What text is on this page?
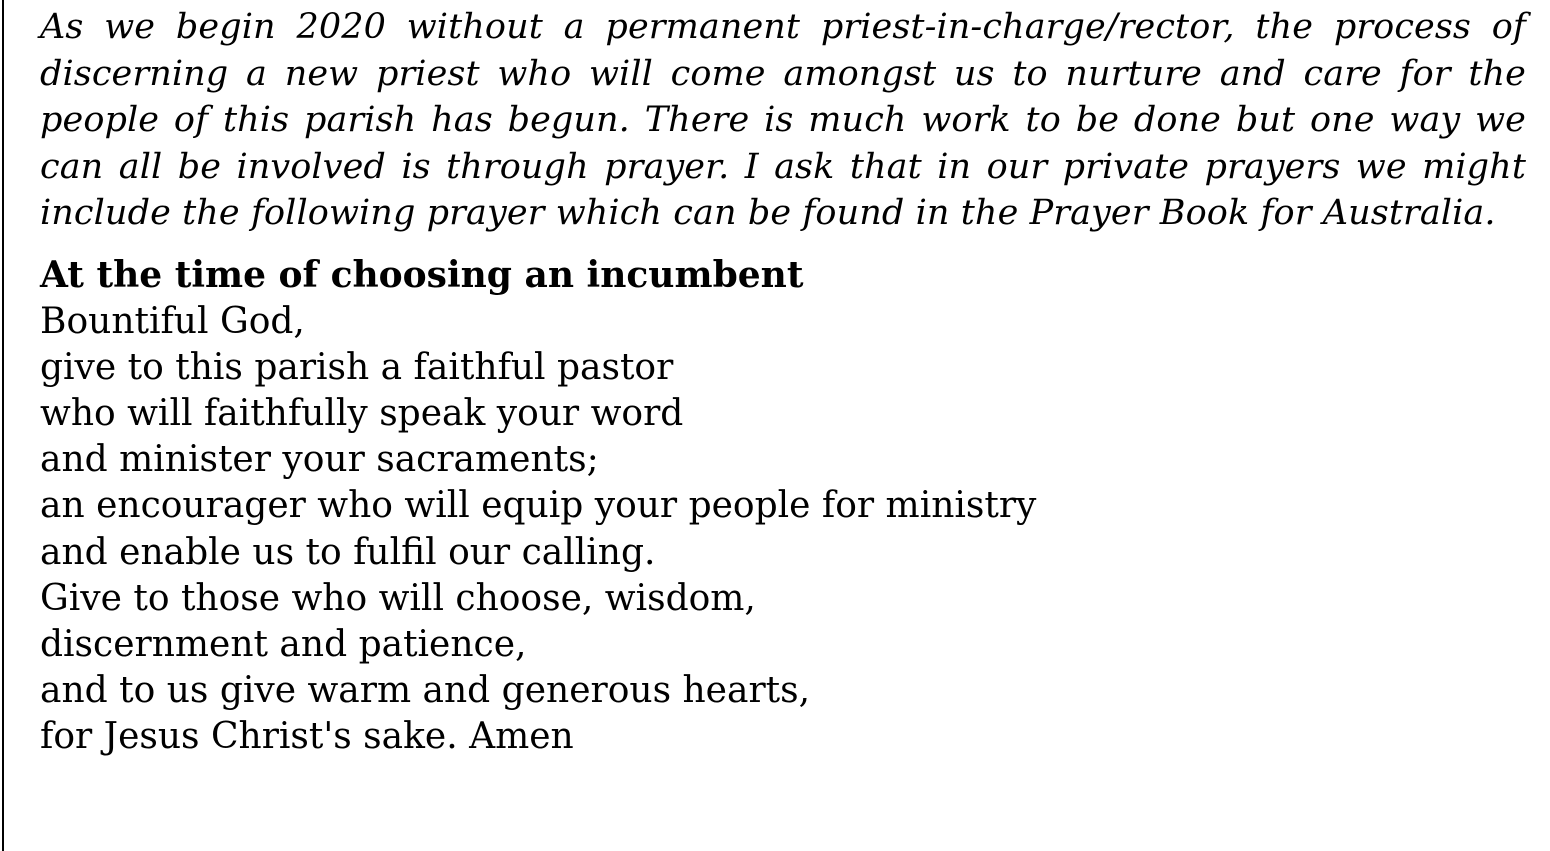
As we begin 2020 without a permanent priest-in-charge/rector, the process of discerning a new priest who will come amongst us to nurture and care for the people of this parish has begun. There is much work to be done but one way we can all be involved is through prayer. I ask that in our private prayers we might include the following prayer which can be found in the Prayer Book for Australia.

At the time of choosing an incumbent
Bountiful God,
give to this parish a faithful pastor
who will faithfully speak your word
and minister your sacraments;
an encourager who will equip your people for ministry
and enable us to fulfil our calling.
Give to those who will choose, wisdom,
discernment and patience,
and to us give warm and generous hearts,
for Jesus Christ's sake. Amen
